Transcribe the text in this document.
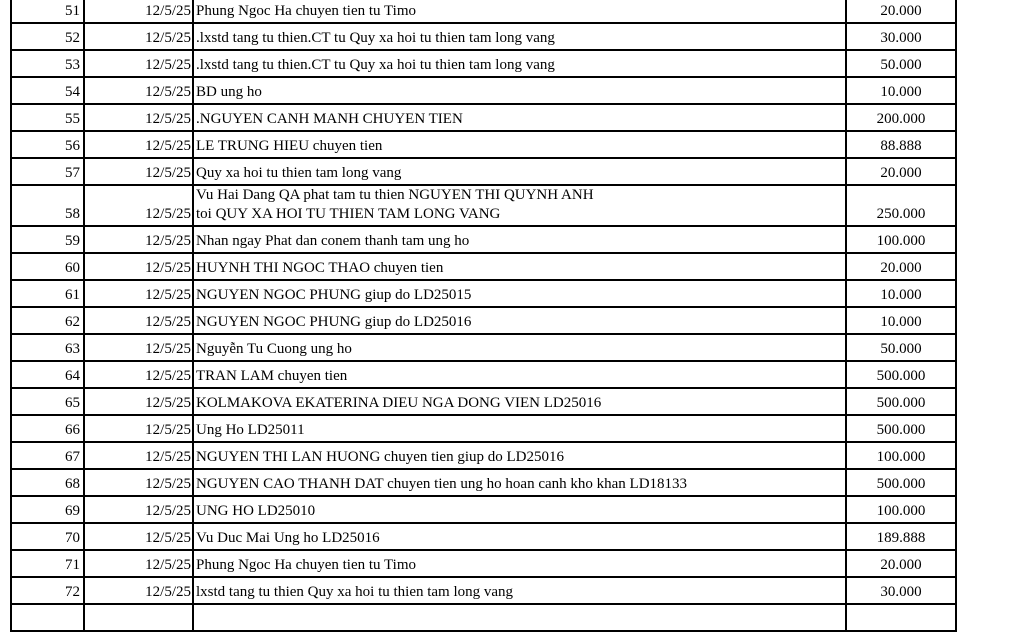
51	12/5/25	Phung Ngoc Ha chuyen tien tu Timo	20.000
52	12/5/25	.lxstd tang tu thien.CT tu Quy xa hoi tu thien tam long vang	30.000
53	12/5/25	.lxstd tang tu thien.CT tu Quy xa hoi tu thien tam long vang	50.000
54	12/5/25	BD ung ho	10.000
55	12/5/25	.NGUYEN CANH MANH CHUYEN TIEN	200.000
56	12/5/25	LE TRUNG HIEU chuyen tien	88.888
57	12/5/25	Quy xa hoi tu thien tam long vang	20.000
58	12/5/25	Vu Hai Dang QA phat tam tu thien NGUYEN THI QUYNH ANH
toi QUY XA HOI TU THIEN TAM LONG VANG	250.000
59	12/5/25	Nhan ngay Phat dan conem thanh tam ung ho	100.000
60	12/5/25	HUYNH THI NGOC THAO chuyen tien	20.000
61	12/5/25	NGUYEN NGOC PHUNG giup do LD25015	10.000
62	12/5/25	NGUYEN NGOC PHUNG giup do LD25016	10.000
63	12/5/25	Nguyễn Tu Cuong ung ho	50.000
64	12/5/25	TRAN LAM chuyen tien	500.000
65	12/5/25	KOLMAKOVA EKATERINA DIEU NGA DONG VIEN LD25016	500.000
66	12/5/25	Ung Ho LD25011	500.000
67	12/5/25	NGUYEN THI LAN HUONG chuyen tien giup do LD25016	100.000
68	12/5/25	NGUYEN CAO THANH DAT chuyen tien ung ho hoan canh kho khan LD18133	500.000
69	12/5/25	UNG HO LD25010	100.000
70	12/5/25	Vu Duc Mai Ung ho LD25016	189.888
71	12/5/25	Phung Ngoc Ha chuyen tien tu Timo	20.000
72	12/5/25	lxstd tang tu thien Quy xa hoi tu thien tam long vang	30.000
